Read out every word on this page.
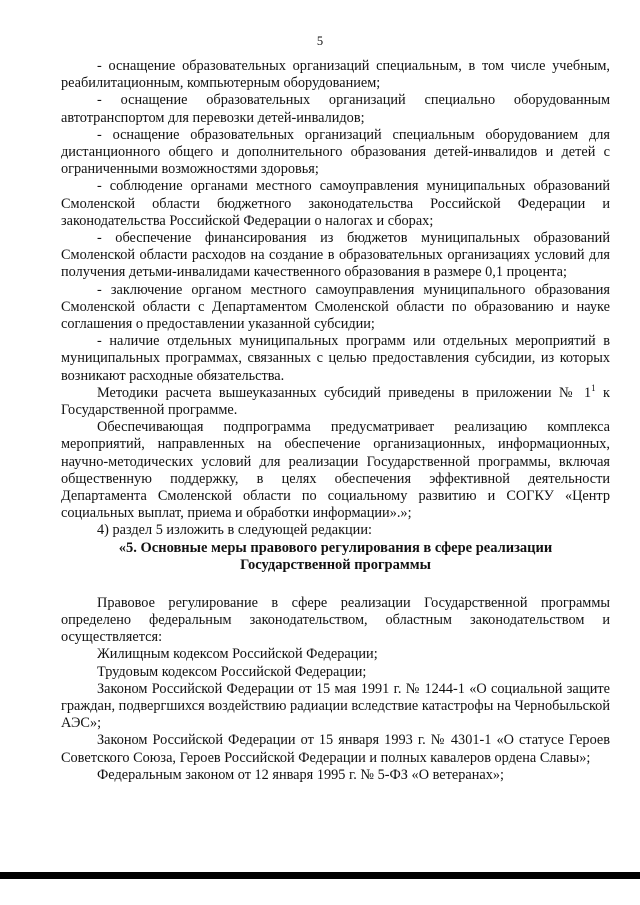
5

- оснащение образовательных организаций специальным, в том числе учебным, реабилитационным, компьютерным оборудованием;

- оснащение образовательных организаций специально оборудованным автотранспортом для перевозки детей-инвалидов;

- оснащение образовательных организаций специальным оборудованием для дистанционного общего и дополнительного образования детей-инвалидов и детей с ограниченными возможностями здоровья;

- соблюдение органами местного самоуправления муниципальных образований Смоленской области бюджетного законодательства Российской Федерации и законодательства Российской Федерации о налогах и сборах;

- обеспечение финансирования из бюджетов муниципальных образований Смоленской области расходов на создание в образовательных организациях условий для получения детьми-инвалидами качественного образования в размере 0,1 процента;

- заключение органом местного самоуправления муниципального образования Смоленской области с Департаментом Смоленской области по образованию и науке соглашения о предоставлении указанной субсидии;

- наличие отдельных муниципальных программ или отдельных мероприятий в муниципальных программах, связанных с целью предоставления субсидии, из которых возникают расходные обязательства.

Методики расчета вышеуказанных субсидий приведены в приложении № $1^1$ к Государственной программе.

Обеспечивающая подпрограмма предусматривает реализацию комплекса мероприятий, направленных на обеспечение организационных, информационных, научно-методических условий для реализации Государственной программы, включая общественную поддержку, в целях обеспечения эффективной деятельности Департамента Смоленской области по социальному развитию и СОГКУ «Центр социальных выплат, приема и обработки информации».»;

4) раздел 5 изложить в следующей редакции:

«5. Основные меры правового регулирования в сфере реализации
Государственной программы

Правовое регулирование в сфере реализации Государственной программы определено федеральным законодательством, областным законодательством и осуществляется:

Жилищным кодексом Российской Федерации;

Трудовым кодексом Российской Федерации;

Законом Российской Федерации от 15 мая 1991 г. № 1244-1 «О социальной защите граждан, подвергшихся воздействию радиации вследствие катастрофы на Чернобыльской АЭС»;

Законом Российской Федерации от 15 января 1993 г. № 4301-1 «О статусе Героев Советского Союза, Героев Российской Федерации и полных кавалеров ордена Славы»;

Федеральным законом от 12 января 1995 г. № 5-ФЗ «О ветеранах»;
